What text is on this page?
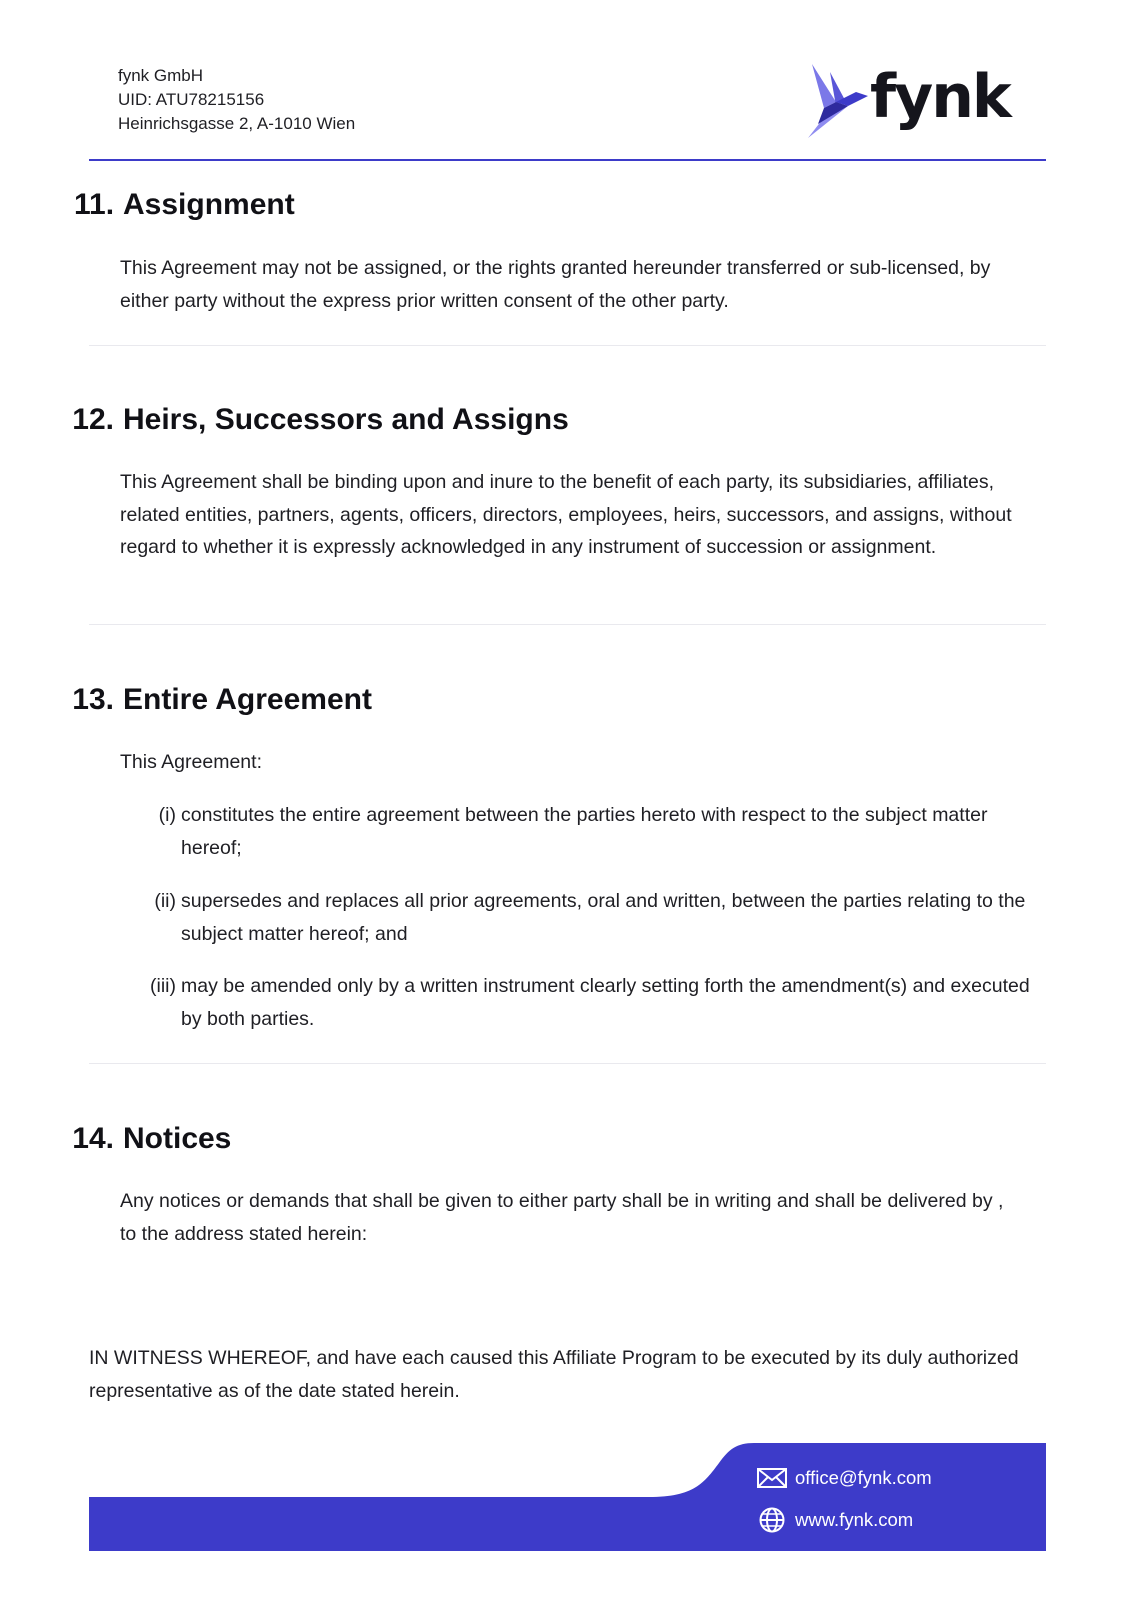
fynk GmbH
UID: ATU78215156
Heinrichsgasse 2, A-1010 Wien	fynk
11. Assignment
This Agreement may not be assigned, or the rights granted hereunder transferred or sub-licensed, by either party without the express prior written consent of the other party.
12. Heirs, Successors and Assigns
This Agreement shall be binding upon and inure to the benefit of each party, its subsidiaries, affiliates, related entities, partners, agents, officers, directors, employees, heirs, successors, and assigns, without regard to whether it is expressly acknowledged in any instrument of succession or assignment.
13. Entire Agreement
This Agreement:
(i) constitutes the entire agreement between the parties hereto with respect to the subject matter hereof;
(ii) supersedes and replaces all prior agreements, oral and written, between the parties relating to the subject matter hereof; and
(iii) may be amended only by a written instrument clearly setting forth the amendment(s) and executed by both parties.
14. Notices
Any notices or demands that shall be given to either party shall be in writing and shall be delivered by , to the address stated herein:
IN WITNESS WHEREOF, and have each caused this Affiliate Program to be executed by its duly authorized representative as of the date stated herein.
office@fynk.com
www.fynk.com
